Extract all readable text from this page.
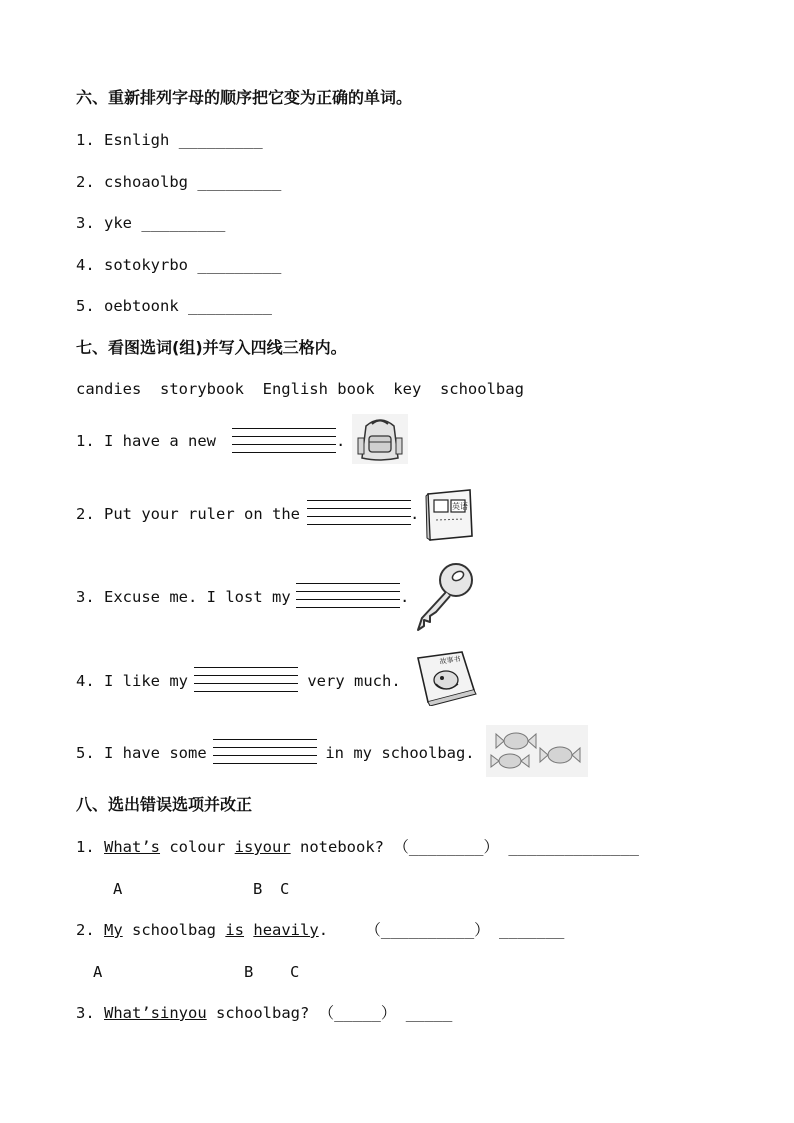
六、重新排列字母的顺序把它变为正确的单词。
1. Esnligh _________
2. cshoaolbg _________
3. yke _________
4. sotokyrbo _________
5. oebtoonk _________
七、看图选词(组)并写入四线三格内。
candies  storybook  English book  key  schoolbag
1. I have a new	.
2. Put your ruler on the	.	英语
3. Excuse me. I lost my	.
4. I like my	very much.
故事书
5. I have some	in my schoolbag.
八、选出错误选项并改正
1. What’s colour isyour notebook? （________） ______________
A	B C
2. My schoolbag is heavily. （__________） _______
A	B C
3. What’sinyou schoolbag? （_____） _____
